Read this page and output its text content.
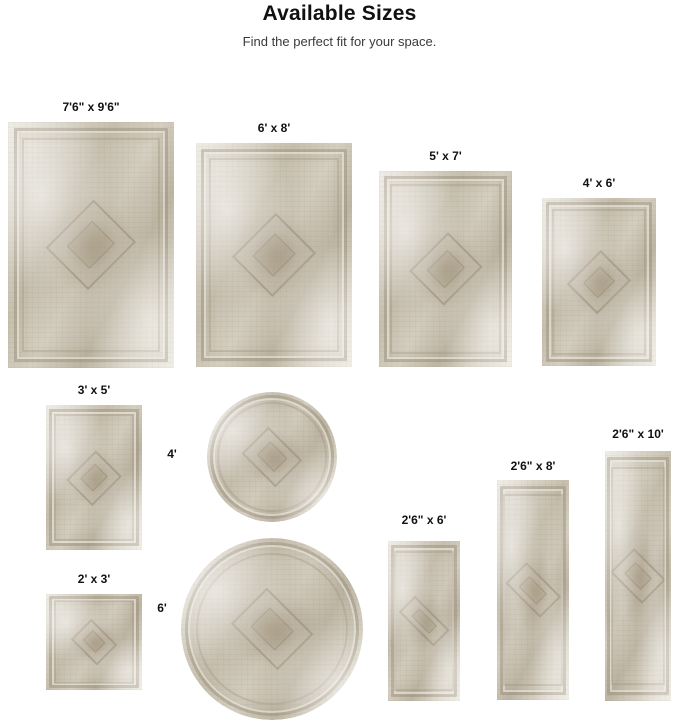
Available Sizes
Find the perfect fit for your space.
7'6" x 9'6"
6' x 8'
5' x 7'
4' x 6'
3' x 5'
2' x 3'
4'
6'
2'6" x 6'
2'6" x 8'
2'6" x 10'
